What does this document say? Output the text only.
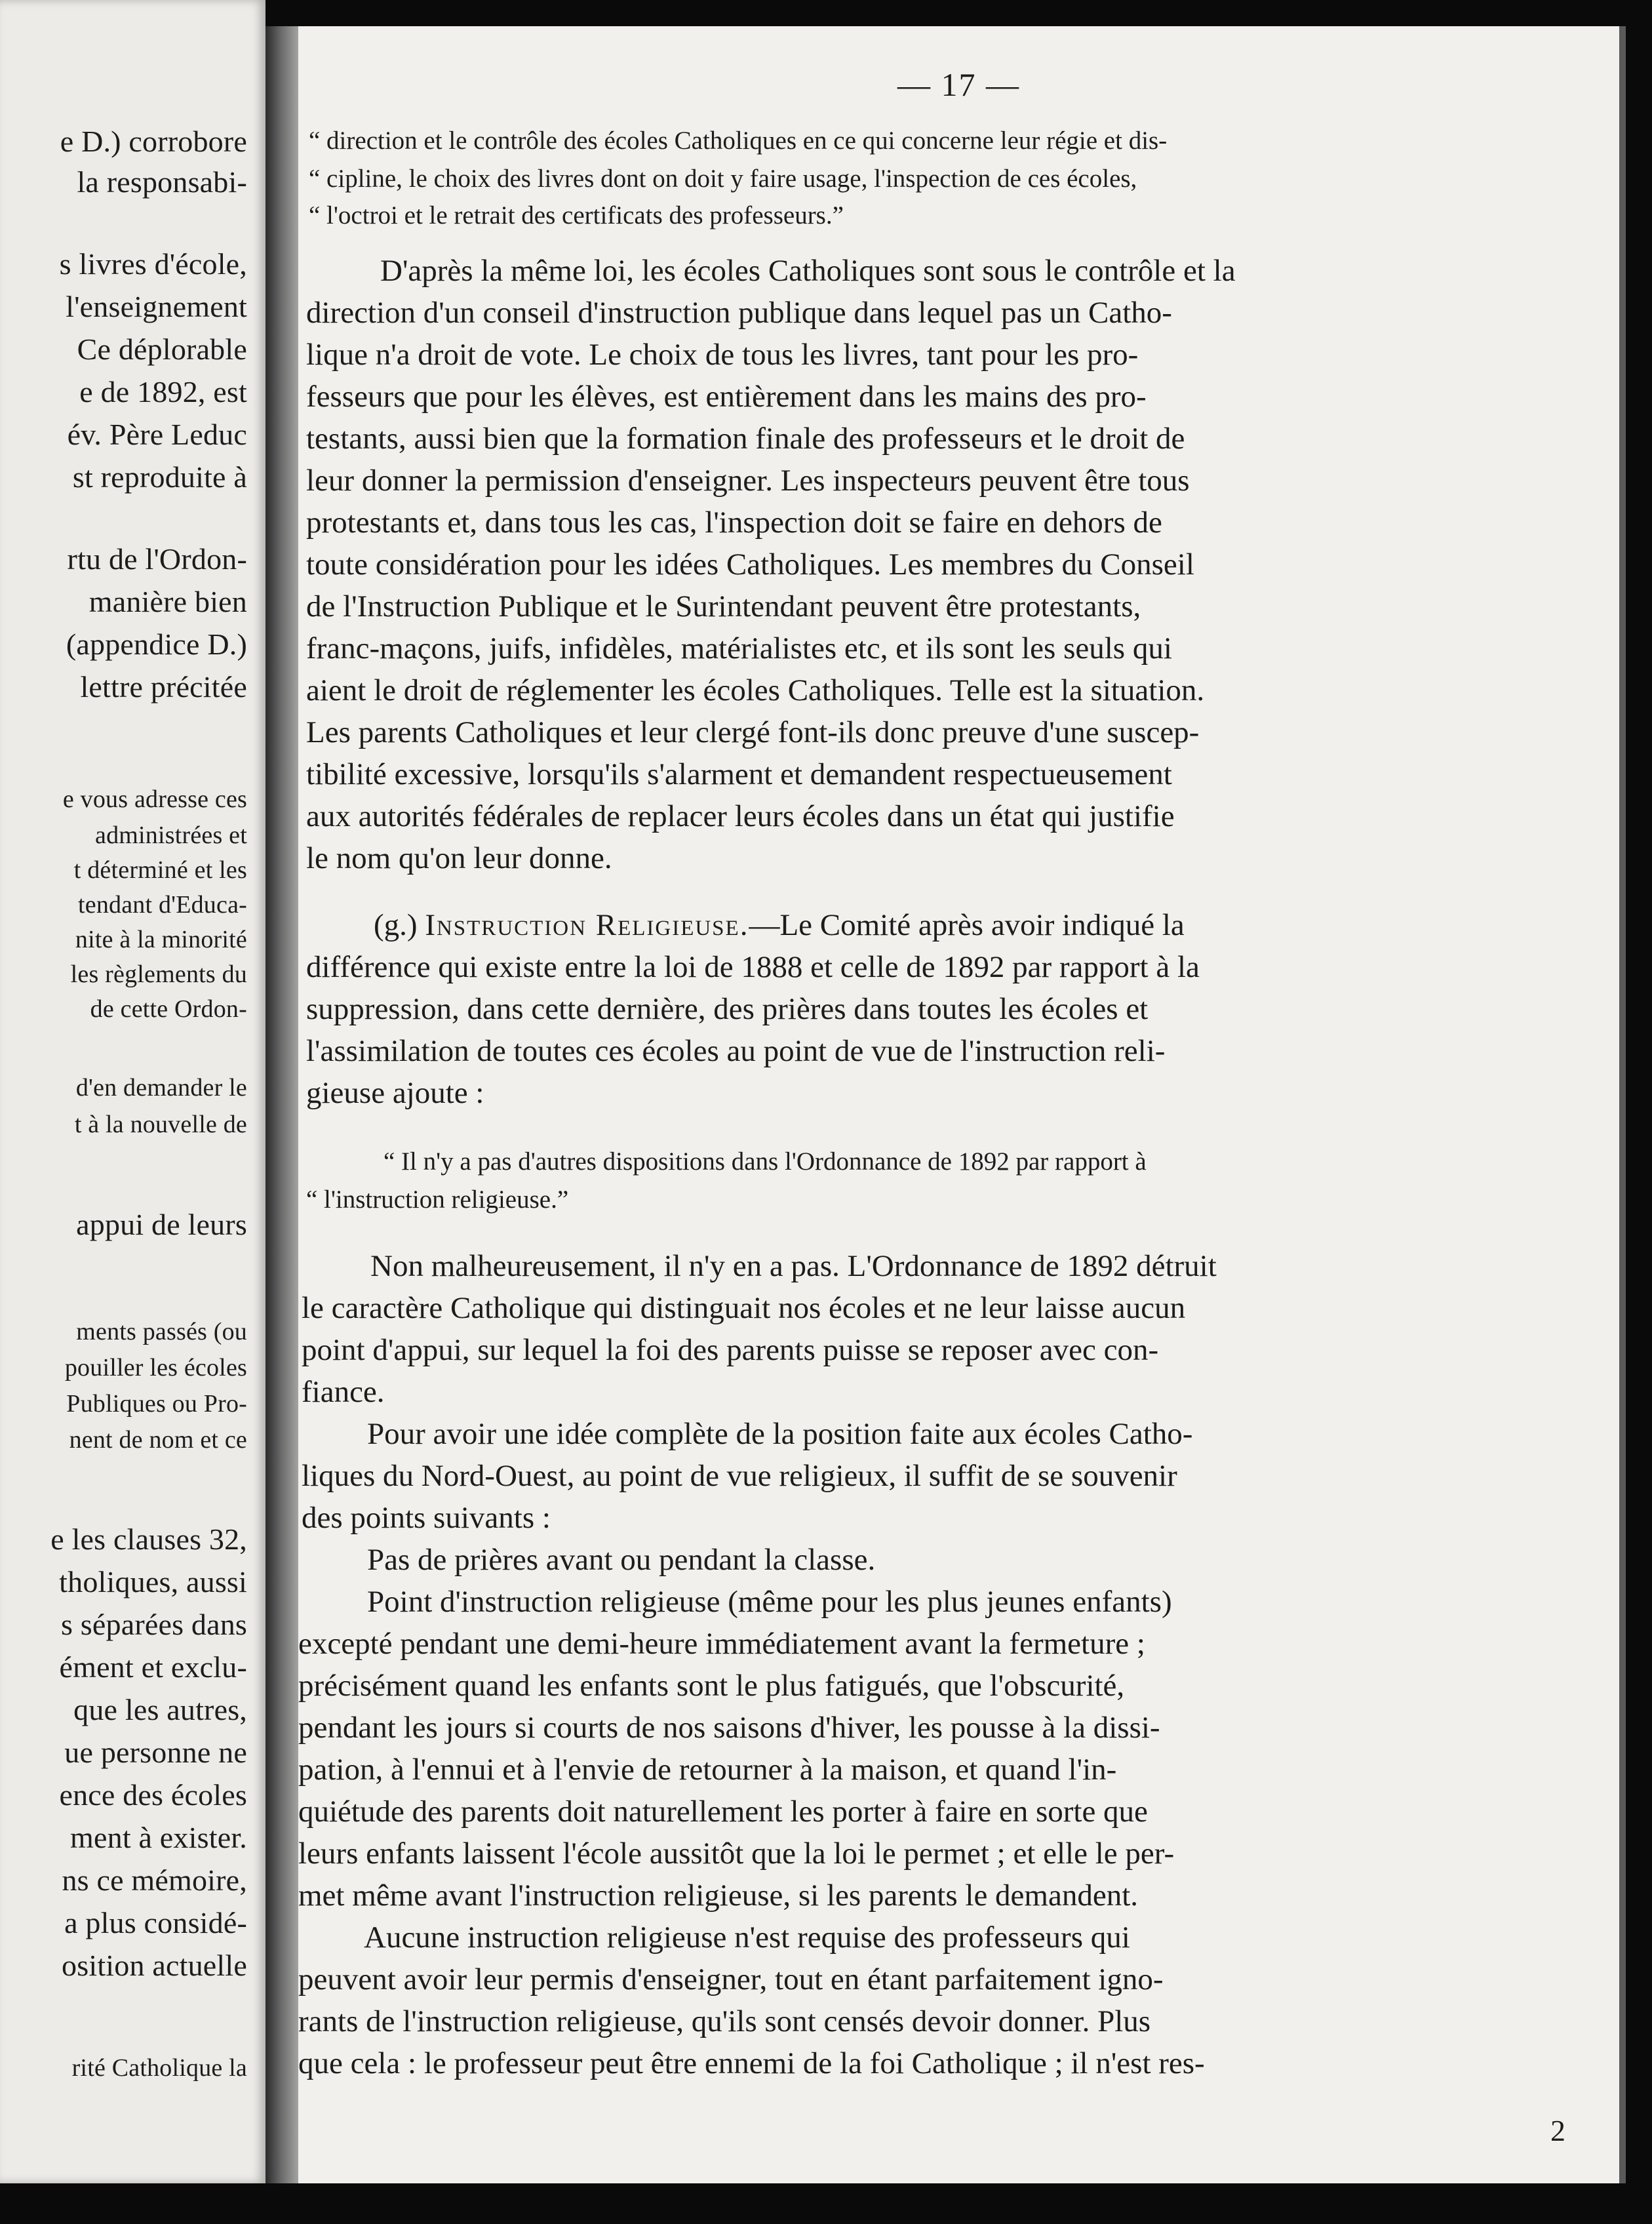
e D.) corrobore
la responsabi-
s livres d'école,
l'enseignement
Ce déplorable
e de 1892, est
év. Père Leduc
st reproduite à
rtu de l'Ordon-
manière bien
(appendice D.)
lettre précitée
e vous adresse ces
administrées et
t déterminé et les
tendant d'Educa-
nite à la minorité
les règlements du
de cette Ordon-
d'en demander le
t à la nouvelle de
appui de leurs
ments passés (ou
pouiller les écoles
Publiques ou Pro-
nent de nom et ce
e les clauses 32,
tholiques, aussi
s séparées dans
ément et exclu-
que les autres,
ue personne ne
ence des écoles
ment à exister.
ns ce mémoire,
a plus considé-
osition actuelle
rité Catholique la
— 17 —
“ direction et le contrôle des écoles Catholiques en ce qui concerne leur régie et dis-
“ cipline, le choix des livres dont on doit y faire usage, l'inspection de ces écoles,
“ l'octroi et le retrait des certificats des professeurs.”
D'après la même loi, les écoles Catholiques sont sous le contrôle et la
direction d'un conseil d'instruction publique dans lequel pas un Catho-
lique n'a droit de vote. Le choix de tous les livres, tant pour les pro-
fesseurs que pour les élèves, est entièrement dans les mains des pro-
testants, aussi bien que la formation finale des professeurs et le droit de
leur donner la permission d'enseigner. Les inspecteurs peuvent être tous
protestants et, dans tous les cas, l'inspection doit se faire en dehors de
toute considération pour les idées Catholiques. Les membres du Conseil
de l'Instruction Publique et le Surintendant peuvent être protestants,
franc-maçons, juifs, infidèles, matérialistes etc, et ils sont les seuls qui
aient le droit de réglementer les écoles Catholiques. Telle est la situation.
Les parents Catholiques et leur clergé font-ils donc preuve d'une suscep-
tibilité excessive, lorsqu'ils s'alarment et demandent respectueusement
aux autorités fédérales de replacer leurs écoles dans un état qui justifie
le nom qu'on leur donne.
(g.) Instruction Religieuse.—Le Comité après avoir indiqué la
différence qui existe entre la loi de 1888 et celle de 1892 par rapport à la
suppression, dans cette dernière, des prières dans toutes les écoles et
l'assimilation de toutes ces écoles au point de vue de l'instruction reli-
gieuse ajoute :
“ Il n'y a pas d'autres dispositions dans l'Ordonnance de 1892 par rapport à
“ l'instruction religieuse.”
Non malheureusement, il n'y en a pas. L'Ordonnance de 1892 détruit
le caractère Catholique qui distinguait nos écoles et ne leur laisse aucun
point d'appui, sur lequel la foi des parents puisse se reposer avec con-
fiance.
Pour avoir une idée complète de la position faite aux écoles Catho-
liques du Nord-Ouest, au point de vue religieux, il suffit de se souvenir
des points suivants :
Pas de prières avant ou pendant la classe.
Point d'instruction religieuse (même pour les plus jeunes enfants)
excepté pendant une demi-heure immédiatement avant la fermeture ;
précisément quand les enfants sont le plus fatigués, que l'obscurité,
pendant les jours si courts de nos saisons d'hiver, les pousse à la dissi-
pation, à l'ennui et à l'envie de retourner à la maison, et quand l'in-
quiétude des parents doit naturellement les porter à faire en sorte que
leurs enfants laissent l'école aussitôt que la loi le permet ; et elle le per-
met même avant l'instruction religieuse, si les parents le demandent.
Aucune instruction religieuse n'est requise des professeurs qui
peuvent avoir leur permis d'enseigner, tout en étant parfaitement igno-
rants de l'instruction religieuse, qu'ils sont censés devoir donner. Plus
que cela : le professeur peut être ennemi de la foi Catholique ; il n'est res-
2
